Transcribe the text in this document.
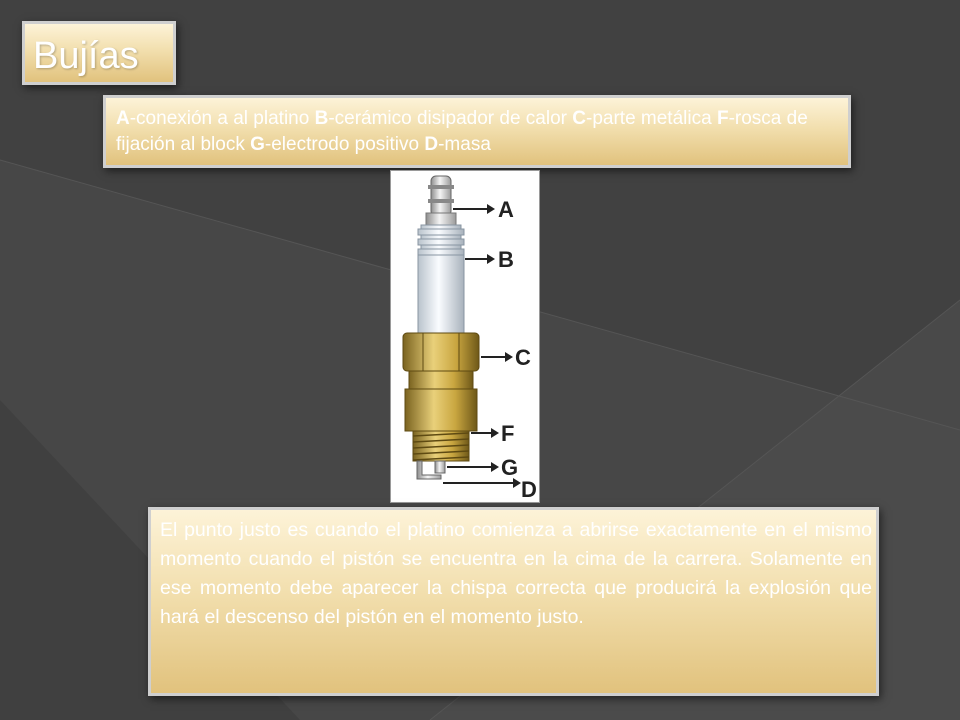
Bujías
A-conexión a al platino B-cerámico disipador de calor C-parte metálica F-rosca de fijación al block G-electrodo positivo D-masa
A
B
C
F
G
D
El punto justo es cuando el platino comienza a abrirse exactamente en el mismo momento cuando el pistón se encuentra en la cima de la carrera. Solamente en ese momento debe aparecer la chispa correcta que producirá la explosión que hará el descenso del pistón en el momento justo.
